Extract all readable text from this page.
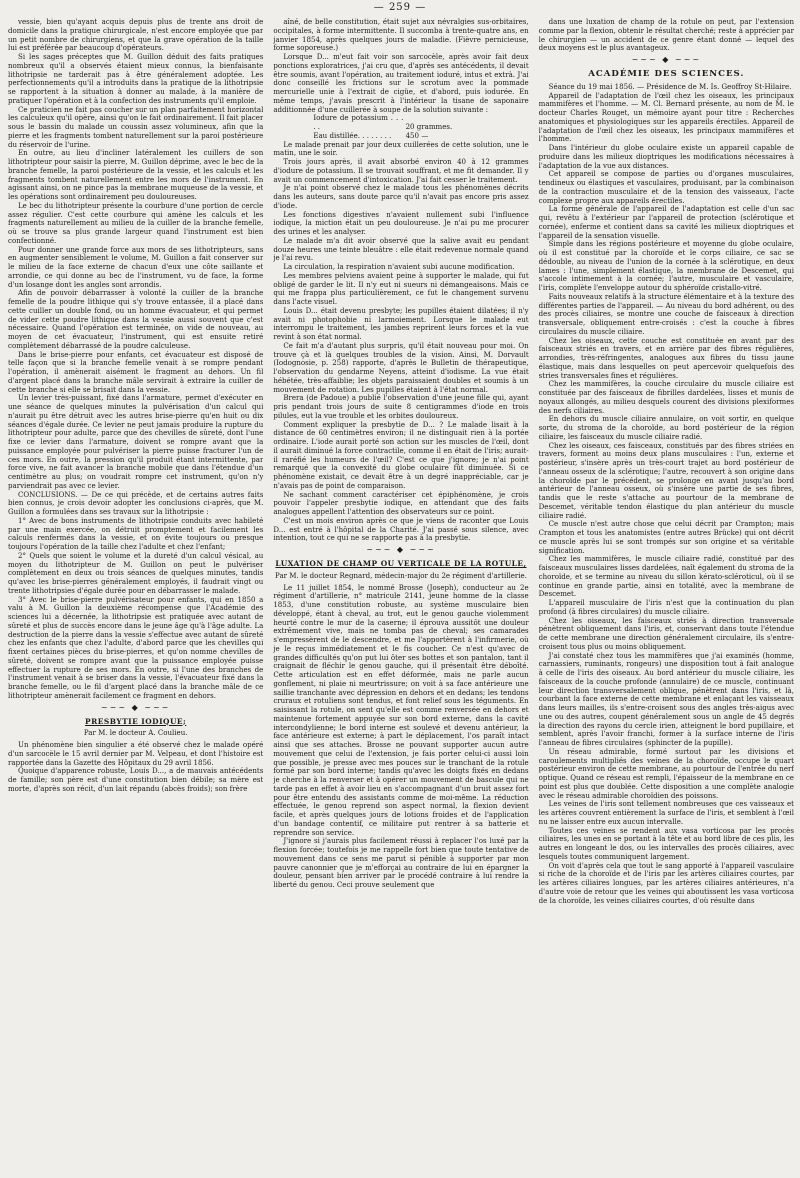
— 259 —

vessie, bien qu'ayant acquis depuis plus de trente ans droit de domicile dans la pratique chirurgicale, n'est encore employée que par un petit nombre de chirurgiens, et que la grave opération de la taille lui est préférée par beaucoup d'opérateurs.

Si les sages préceptes que M. Guillon déduit des faits pratiques nombreux qu'il a observés étaient mieux connus, la bienfaisante lithotripsie ne tarderait pas à être généralement adoptée. Les perfectionnements qu'il a introduits dans la pratique de la lithotripsie se rapportent à la situation à donner au malade, à la manière de pratiquer l'opération et à la confection des instruments qu'il emploie.

Ce praticien ne fait pas coucher sur un plan parfaitement horizontal les calculeux qu'il opère, ainsi qu'on le fait ordinairement. Il fait placer sous le bassin du malade un coussin assez volumineux, afin que la pierre et les fragments tombent naturellement sur la paroi postérieure du réservoir de l'urine.

En outre, au lieu d'incliner latéralement les cuillers de son lithotripteur pour saisir la pierre, M. Guillon déprime, avec le bec de la branche femelle, la paroi postérieure de la vessie, et les calculs et les fragments tombent naturellement entre les mors de l'instrument. En agissant ainsi, on ne pince pas la membrane muqueuse de la vessie, et les opérations sont ordinairement peu douloureuses.

Le bec du lithotripteur présente la courbure d'une portion de cercle assez régulier. C'est cette courbure qui amène les calculs et les fragments naturellement au milieu de la cuiller de la branche femelle, où se trouve sa plus grande largeur quand l'instrument est bien confectionné.

Pour donner une grande force aux mors de ses lithotripteurs, sans en augmenter sensiblement le volume, M. Guillon a fait conserver sur le milieu de la face externe de chacun d'eux une côte saillante et arrondie, ce qui donne au bec de l'instrument, vu de face, la forme d'un losange dont les angles sont arrondis.

Afin de pouvoir débarrasser à volonté la cuiller de la branche femelle de la poudre lithique qui s'y trouve entassée, il a placé dans cette cuiller un double fond, ou un homme évacuateur, et qui permet de vider cette poudre lithique dans la vessie aussi souvent que c'est nécessaire. Quand l'opération est terminée, on vide de nouveau, au moyen de cet évacuateur, l'instrument, qui est ensuite retiré complètement débarrassé de la poudre calculeuse.

Dans le brise-pierre pour enfants, cet évacuateur est disposé de telle façon que si la branche femelle venait à se rompre pendant l'opération, il amènerait aisément le fragment au dehors. Un fil d'argent placé dans la branche mâle servirait à extraire la cuiller de cette branche si elle se brisait dans la vessie.

Un levier très-puissant, fixé dans l'armature, permet d'exécuter en une séance de quelques minutes la pulvérisation d'un calcul qui n'aurait pu être détruit avec les autres brise-pierre qu'en huit ou dix séances d'égale durée. Ce levier ne peut jamais produire la rupture du lithotripteur pour adulte, parce que des chevilles de sûreté, dont l'une fixe ce levier dans l'armature, doivent se rompre avant que la puissance employée pour pulvériser la pierre puisse fracturer l'un de ces mors. En outre, la pression qu'il produit étant intermittente, par force vive, ne fait avancer la branche mobile que dans l'étendue d'un centimètre au plus; on voudrait rompre cet instrument, qu'on n'y parviendrait pas avec ce levier.

CONCLUSIONS. — De ce qui précède, et de certains autres faits bien connus, je crois devoir adopter les conclusions ci-après, que M. Guillon a formulées dans ses travaux sur la lithotripsie :

1° Avec de bons instruments de lithotripsie conduits avec habileté par une main exercée, on détruit promptement et facilement les calculs renfermés dans la vessie, et on évite toujours ou presque toujours l'opération de la taille chez l'adulte et chez l'enfant;

2° Quels que soient le volume et la dureté d'un calcul vésical, au moyen du lithotripteur de M. Guillon on peut le pulvériser complètement en deux ou trois séances de quelques minutes, tandis qu'avec les brise-pierres généralement employés, il faudrait vingt ou trente lithotripsies d'égale durée pour en débarrasser le malade.

3° Avec le brise-pierre pulvérisateur pour enfants, qui en 1850 a valu à M. Guillon la deuxième récompense que l'Académie des sciences lui a décernée, la lithotripsie est pratiquée avec autant de sûreté et plus de succès encore dans le jeune âge qu'à l'âge adulte. La destruction de la pierre dans la vessie s'effectue avec autant de sûreté chez les enfants que chez l'adulte, d'abord parce que les chevilles qui fixent certaines pièces du brise-pierres, et qu'on nomme chevilles de sûreté, doivent se rompre avant que la puissance employée puisse effectuer la rupture de ses mors. En outre, si l'une des branches de l'instrument venait à se briser dans la vessie, l'évacuateur fixé dans la branche femelle, ou le fil d'argent placé dans la branche mâle de ce lithotripteur amènerait facilement ce fragment en dehors.

~~~ ◆ ~~~
PRESBYTIE IODIQUE;

Par M. le docteur A. Coulieu.

Un phénomène bien singulier a été observé chez le malade opéré d'un sarcocèle le 15 avril dernier par M. Velpeau, et dont l'histoire est rapportée dans la Gazette des Hôpitaux du 29 avril 1856.

Quoique d'apparence robuste, Louis D..., a de mauvais antécédents de famille; son père est d'une constitution bien débile; sa mère est morte, d'après son récit, d'un lait répandu (abcès froids); son frère

aîné, de belle constitution, était sujet aux névralgies sus-orbitaires, occipitales, à forme intermittente. Il succomba à trente-quatre ans, en janvier 1854, après quelques jours de maladie. (Fièvre pernicieuse, forme soporeuse.)

Lorsque D... m'eut fait voir son sarcocèle, après avoir fait deux ponctions exploratrices, j'ai cru que, d'après ses antécédents, il devait être soumis, avant l'opération, au traitement ioduré, intus et extrà. J'ai donc conseillé les frictions sur le scrotum avec la pommade mercurielle unie à l'extrait de cigüe, et d'abord, puis iodurée. En même temps, j'avais prescrit à l'intérieur la tisane de saponaire additionnée d'une cuillerée à soupe de la solution suivante :

Iodure de potassium . . . . .	20 grammes.

Eau distillée. . . . . . . . 450 —

Le malade prenait par jour deux cuillerées de cette solution, une le matin, une le soir.

Trois jours après, il avait absorbé environ 40 à 12 grammes d'iodure de potassium. Il se trouvait souffrant, et me fit demander. Il y avait un commencement d'intoxication. J'ai fait cesser le traitement.

Je n'ai point observé chez le malade tous les phénomènes décrits dans les auteurs, sans doute parce qu'il n'avait pas encore pris assez d'iode.

Les fonctions digestives n'avaient nullement subi l'influence iodique, la miction était un peu douloureuse. Je n'ai pu me procurer des urines et les analyser.

Le malade m'a dit avoir observé que la salive avait eu pendant douze heures une teinte bleuâtre : elle était redevenue normale quand je l'ai revu.

La circulation, la respiration n'avaient subi aucune modification.

Les membres pelviens avaient peine à supporter le malade, qui fut obligé de garder le lit. Il n'y eut ni sueurs ni démangeaisons. Mais ce qui me frappa plus particulièrement, ce fut le changement survenu dans l'acte visuel.

Louis D... était devenu presbyte; les pupilles étaient dilatées; il n'y avait ni photophobie ni larmoiement. Lorsque le malade eut interrompu le traitement, les jambes reprirent leurs forces et la vue revint à son état normal.

Ce fait m'a d'autant plus surpris, qu'il était nouveau pour moi. On trouve çà et là quelques troubles de la vision. Ainsi, M. Dorvault (Iodognosie, p. 258) rapporte, d'après le Bulletin de thérapeutique, l'observation du gendarme Neyens, atteint d'iodisme. La vue était hébétée, très-affaiblie; les objets paraissaient doubles et soumis à un mouvement de rotation. Les pupilles étaient à l'état normal.

Brera (de Padoue) a publié l'observation d'une jeune fille qui, ayant pris pendant trois jours de suite 8 centigrammes d'iode en trois pilules, eut la vue trouble et les orbites douloureux.

Comment expliquer la presbytie de D... ? Le malade lisait à la distance de 60 centimètres environ; il ne distinguait rien à la portée ordinaire. L'iode aurait porté son action sur les muscles de l'œil, dont il aurait diminué la force contractile, comme il en était de l'iris; aurait-il raréfié les humeurs de l'œil? C'est ce que j'ignore; je n'ai point remarqué que la convexité du globe oculaire fût diminuée. Si ce phénomène existait, ce devait être à un degré inappréciable, car je n'avais pas de point de comparaison.

Ne sachant comment caractériser cet épiphénomène, je crois pouvoir l'appeler presbytie iodique, en attendant que des faits analogues appellent l'attention des observateurs sur ce point.

C'est un mois environ après ce que je viens de raconter que Louis D... est entré à l'hôpital de la Charité. J'ai passé sous silence, avec intention, tout ce qui ne se rapporte pas à la presbytie.

~~~ ◆ ~~~
LUXATION DE CHAMP OU VERTICALE DE LA ROTULE,

Par M. le docteur Regnard, médecin-major du 2e régiment d'artillerie.

Le 11 juillet 1854, le nommé Brosse (Joseph), conducteur au 2e régiment d'artillerie, n° matricule 2141, jeune homme de la classe 1853, d'une constitution robuste, au système musculaire bien développé, étant à cheval, au trot, eut le genou gauche violemment heurté contre le mur de la caserne; il éprouva aussitôt une douleur extrêmement vive, mais ne tomba pas de cheval; ses camarades s'empressèrent de le descendre, et me l'apportèrent à l'infirmerie, où je le reçus immédiatement et le fis coucher. Ce n'est qu'avec de grandes difficultés qu'on put lui ôter ses bottes et son pantalon, tant il craignait de fléchir le genou gauche, qui il présentait être déboîté. Cette articulation est en effet déformée, mais ne parle aucun gonflement, ni plaie ni meurtrissure; on voit à sa face antérieure une saillie tranchante avec dépression en dehors et en dedans; les tendons cruraux et rotuliens sont tendus, et font relief sous les téguments. En saisissant la rotule, on sent qu'elle est comme renversée en dehors et maintenue fortement appuyée sur son bord externe, dans la cavité intercondylienne; le bord interne est soulevé et devenu antérieur, la face antérieure est externe; à part le déplacement, l'os paraît intact ainsi que ses attaches. Brosse ne pouvant supporter aucun autre mouvement que celui de l'extension, je fais porter celui-ci aussi loin que possible, je presse avec mes pouces sur le tranchant de la rotule formé par son bord interne; tandis qu'avec les doigts fixés en dedans je cherche à la renverser et à opérer un mouvement de bascule qui ne tarde pas en effet à avoir lieu en s'accompagnant d'un bruit assez fort pour être entendu des assistants comme de moi-même. La réduction effectuée, le genou reprend son aspect normal, la flexion devient facile, et après quelques jours de lotions froides et de l'application d'un bandage contentif, ce militaire put rentrer à sa batterie et reprendre son service.

J'ignore si j'aurais plus facilement réussi à replacer l'os luxé par la flexion forcée; toutefois je me rappelle fort bien que toute tentative de mouvement dans ce sens me parut si pénible à supporter par mon pauvre canonnier que je m'efforçai au contraire de lui en épargner la douleur, pensant bien arriver par le procédé contraire à lui rendre la liberté du genou. Ceci prouve seulement que

dans une luxation de champ de la rotule on peut, par l'extension comme par la flexion, obtenir le résultat cherché; reste à apprécier par le chirurgien — un accident de ce genre étant donné — lequel des deux moyens est le plus avantageux.

~~~ ◆ ~~~
ACADÉMIE DES SCIENCES.

Séance du 19 mai 1856. — Présidence de M. Is. Geoffroy St-Hilaire.

Appareil de l'adaptation de l'œil chez les oiseaux, les principaux mammifères et l'homme. — M. Cl. Bernard présente, au nom de M. le docteur Charles Rouget, un mémoire ayant pour titre : Recherches anatomiques et physiologiques sur les appareils érectiles. Appareil de l'adaptation de l'œil chez les oiseaux, les principaux mammifères et l'homme.

Dans l'intérieur du globe oculaire existe un appareil capable de produire dans les milieux dioptriques les modifications nécessaires à l'adaptation de la vue aux distances.

Cet appareil se compose de parties ou d'organes musculaires, tendineux ou élastiques et vasculaires, produisant, par la combinaison de la contraction musculaire et de la tension des vaisseaux, l'acte complexe propre aux appareils érectiles.

La forme générale de l'appareil de l'adaptation est celle d'un sac qui, revêtu à l'extérieur par l'appareil de protection (sclérotique et cornée), enferme et contient dans sa cavité les milieux dioptriques et l'appareil de la sensation visuelle.

Simple dans les régions postérieure et moyenne du globe oculaire, où il est constitué par la choroïde et le corps ciliaire, ce sac se dédouble, au niveau de l'union de la cornée à la sclérotique, en deux lames : l'une, simplement élastique, la membrane de Descemet, qui s'accole intimement à la cornée; l'autre, musculaire et vasculaire, l'iris, complète l'enveloppe autour du sphéroïde cristallo-vitré.

Faits nouveaux relatifs à la structure élémentaire et à la texture des différentes parties de l'appareil. — Au niveau du bord adhérent, ou des des procès ciliaires, se montre une couche de faisceaux à direction transversale, obliquement entre-croisés : c'est la couche à fibres circulaires du muscle ciliaire.

Chez les oiseaux, cette couche est constituée en avant par des faisceaux striés en travers, et en arrière par des fibres régulières, arrondies, très-réfringentes, analogues aux fibres du tissu jaune élastique, mais dans lesquelles on peut apercevoir quelquefois des stries transversales fines et régulières.

Chez les mammifères, la couche circulaire du muscle ciliaire est constituée par des faisceaux de fibrilles dardelées, lisses et munis de noyaux allongés, au milieu desquels courent des divisions plexiformes des nerfs ciliaires.

En dehors du muscle ciliaire annulaire, on voit sortir, en quelque sorte, du stroma de la choroïde, au bord postérieur de la région ciliaire, les faisceaux du muscle ciliaire radié.

Chez les oiseaux, ces faisceaux, constitués par des fibres striées en travers, forment au moins deux plans musculaires : l'un, externe et postérieur, s'insère après un très-court trajet au bord postérieur de l'anneau osseux de la sclérotique; l'autre, recouvert à son origine dans la choroïde par le précédent, se prolonge en avant jusqu'au bord antérieur de l'anneau osseux, où s'insère une partie de ses fibres, tandis que le reste s'attache au pourtour de la membrane de Descemet, véritable tendon élastique du plan antérieur du muscle ciliaire radié.

Ce muscle n'est autre chose que celui décrit par Crampton; mais Crampton et tous les anatomistes (entre autres Brücke) qui ont décrit ce muscle après lui se sont trompés sur son origine et sa véritable signification.

Chez les mammifères, le muscle ciliaire radié, constitué par des faisceaux musculaires lisses dardelées, naît également du stroma de la choroïde, et se termine au niveau du sillon kérato-scléroticul, où il se continue en grande partie, ainsi en totalité, avec la membrane de Descemet.

L'appareil musculaire de l'iris n'est que la continuation du plan profond (à fibres circulaires) du muscle ciliaire.

Chez les oiseaux, les faisceaux striés à direction transversale pénètrent obliquement dans l'iris, et, conservant dans toute l'étendue de cette membrane une direction généralement circulaire, ils s'entre-croisent tous plus ou moins obliquement.

J'ai constaté chez tous les mammifères que j'ai examinés (homme, carnassiers, ruminants, rongeurs) une disposition tout à fait analogue à celle de l'iris des oiseaux. Au bord antérieur du muscle ciliaire, les faisceaux de la couche profonde (annulaire) de ce muscle, continuant leur direction transversalement oblique, pénètrent dans l'iris, et là, courbant la face externe de cette membrane et enlaçant les vaisseaux dans leurs mailles, ils s'entre-croisent sous des angles très-aigus avec une ou des autres, coupent généralement sous un angle de 45 degrés la direction des rayons du cercle irien, atteignent le bord pupillaire, et semblent, après l'avoir franchi, former à la surface interne de l'iris l'anneau de fibres circulaires (sphincter de la pupille).

Un réseau admirable, formé surtout par les divisions et caroulements multipliés des veines de la choroïde, occupe le quart postérieur environ de cette membrane, au pourtour de l'entrée du nerf optique. Quand ce réseau est rempli, l'épaisseur de la membrane en ce point est plus que doublée. Cette disposition a une complète analogie avec le réseau admirable choroïdien des poissons.

Les veines de l'iris sont tellement nombreuses que ces vaisseaux et les artères couvrent entièrement la surface de l'iris, et semblent à l'œil nu ne laisser entre eux aucun intervalle.

Toutes ces veines se rendent aux vasa vorticosa par les procès ciliaires, les unes en se portant à la tête et au bord libre de ces plis, les autres en longeant le dos, ou les intervalles des procès ciliaires, avec lesquels toutes communiquent largement.

On voit d'après cela que tout le sang apporté à l'appareil vasculaire si riche de la choroïde et de l'iris par les artères ciliaires courtes, par les artères ciliaires longues, par les artères ciliaires antérieures, n'a d'autre voie de retour que les veines qui aboutissent les vasa vorticosa de la choroïde, les veines ciliaires courtes, d'où résulte dans
